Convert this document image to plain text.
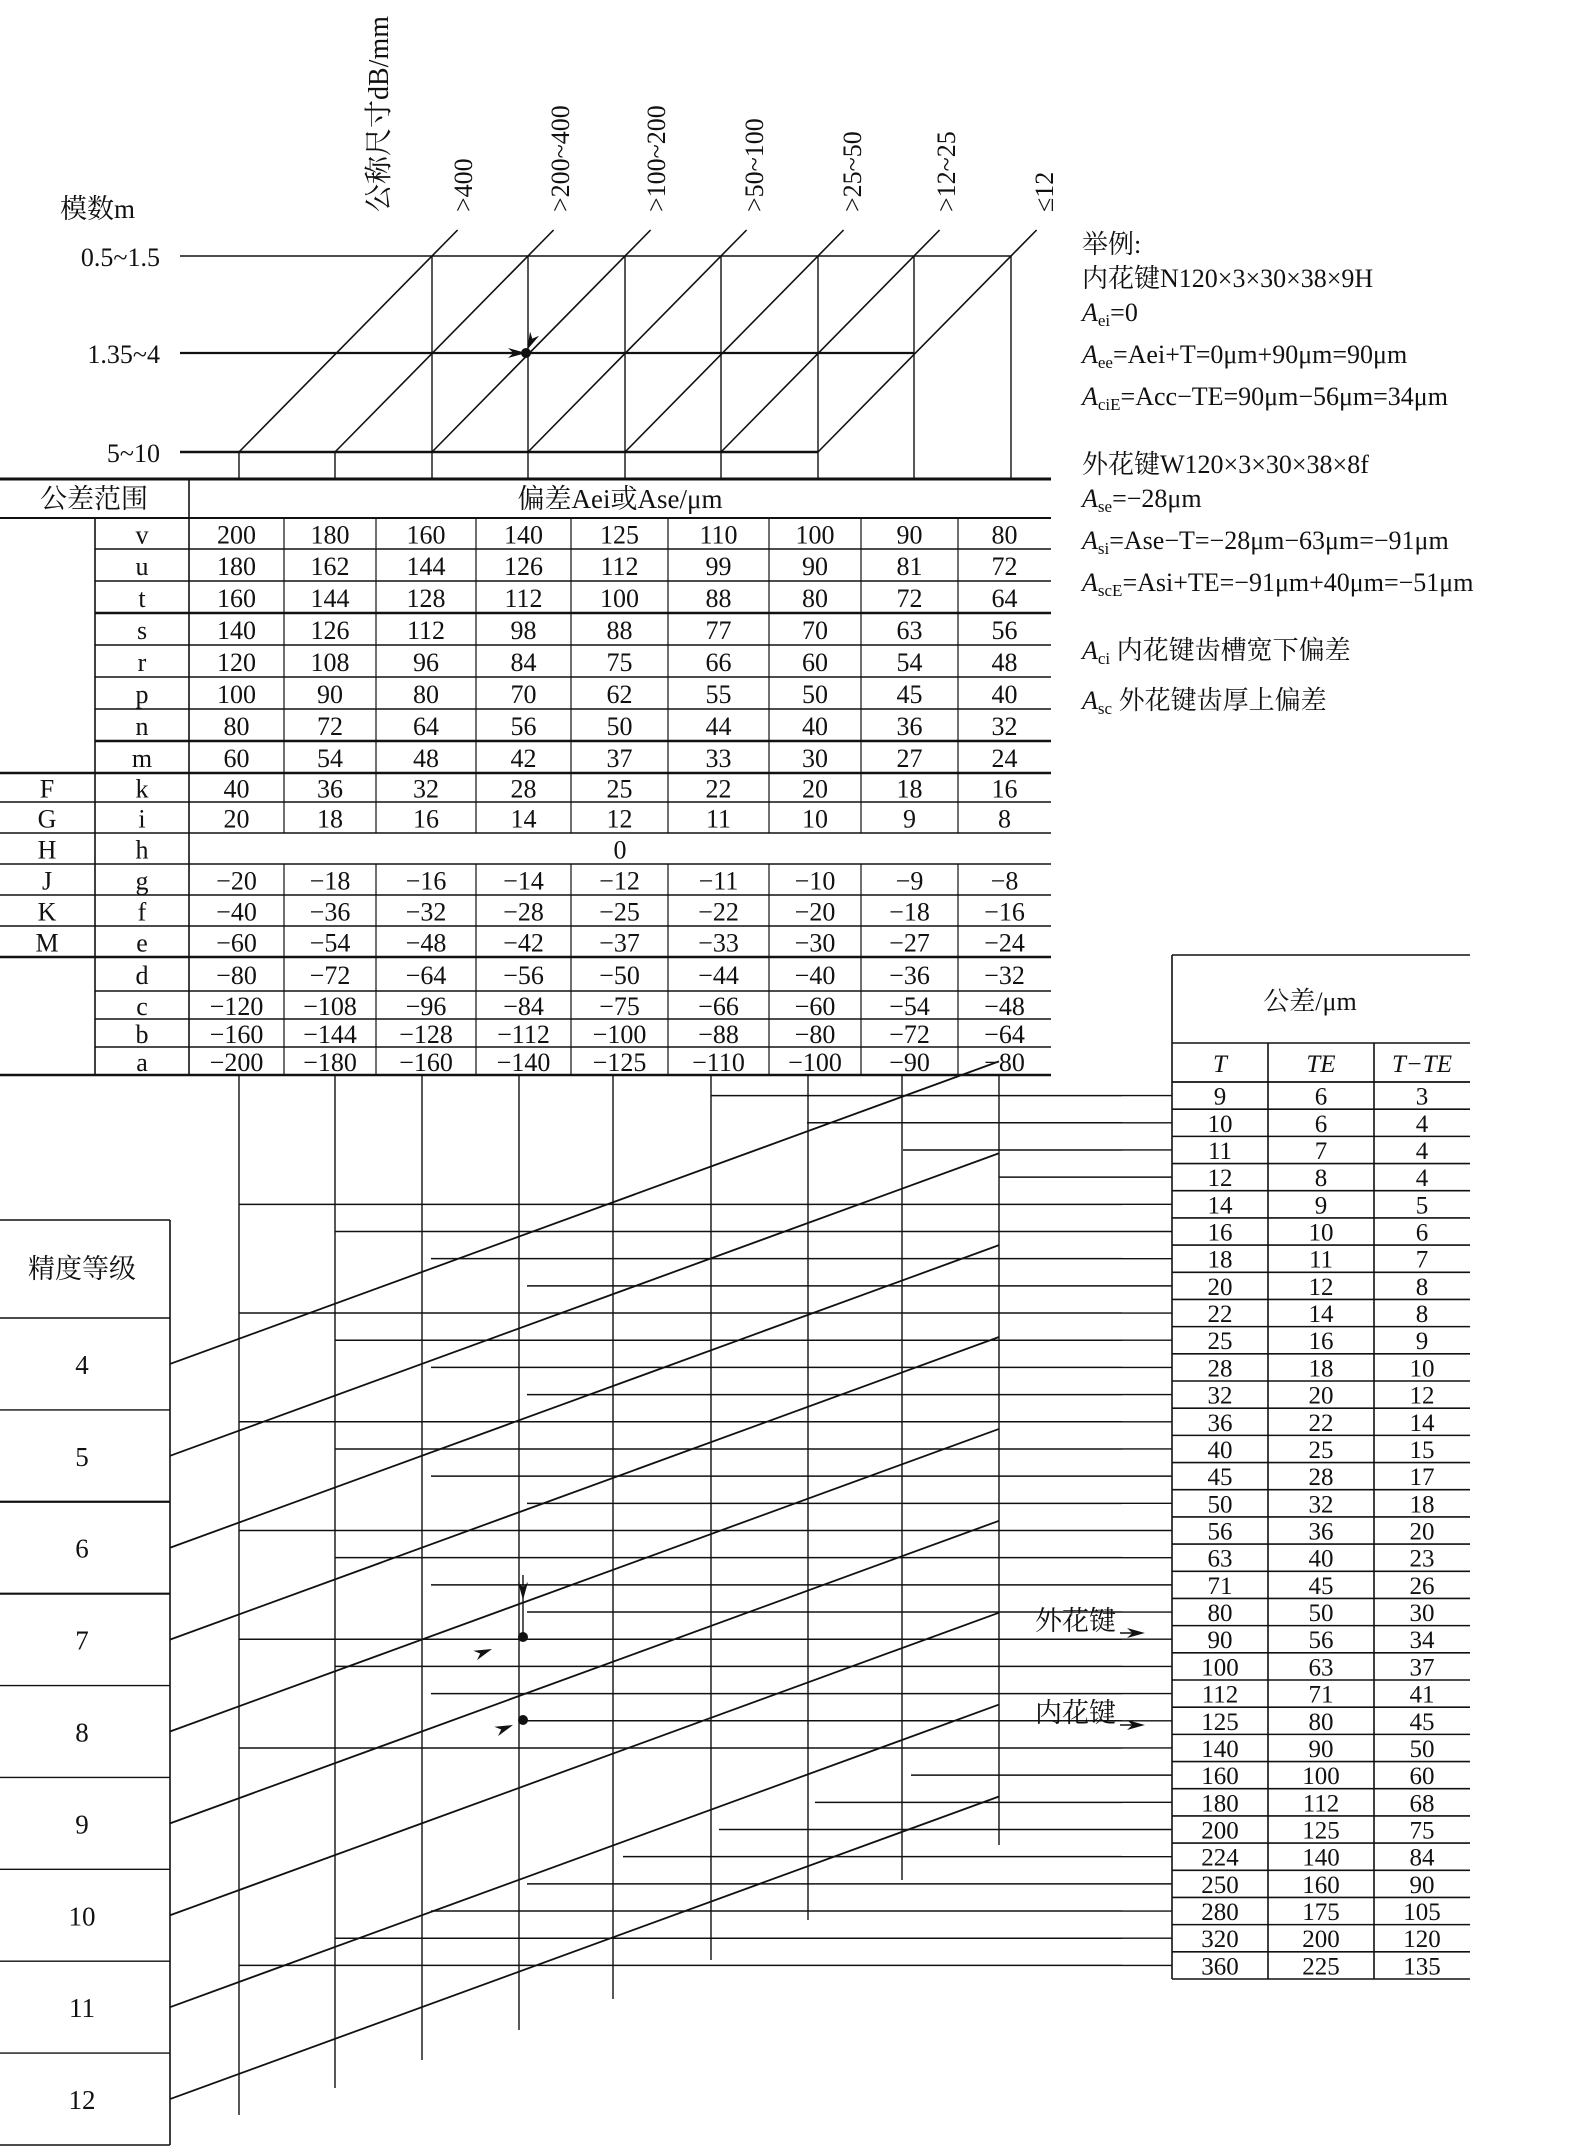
模数m
0.5~1.5
1.35~4
5~10
>400	>200~400	>100~200	>50~100	>25~50	>12~25	≤12
公称尺寸dB/mm
公差范围	偏差Aei或Ase/μm
v	200 180 160 140 125 110 100 90	80
u	180 162 144 126 112	99	90	81	72
t	160 144 128 112 100	88	80	72	64
s	140 126 112	98	88	77	70	63	56
r	120 108 96	84	75	66	60	54	48
p	100 90	80	70	62	55	50	45	40
n	80	72	64	56	50	44	40	36	32
m	60	54	48	42	37	33	30	27	24
F	k	40	36	32	28	25	22	20	18	16
G	i	20	18	16	14	12	11	10	9	8
H	h	0
J	g	−20 −18 −16 −14 −12 −11 −10 −9	−8
K	f	−40 −36 −32 −28 −25 −22 −20 −18 −16
M	e	−60 −54 −48 −42 −37 −33 −30 −27 −24
d	−80 −72 −64 −56 −50 −44 −40 −36 −32
c −120 −108 −96 −84 −75 −66 −60 −54 −48
b −160 −144 −128 −112 −100 −88 −80 −72 −64
a −200 −180 −160 −140 −125 −110 −100 −90 −80
公差/μm
T	TE T−TE
9	6	3
10	6	4
11	7	4
12	8	4
14	9	5
16	10	6
18	11	7
20	12	8
22	14	8
25	16	9
28	18	10
32	20	12
36	22	14
40	25	15
45	28	17
50	32	18
56	36	20
63	40	23
71	45	26
80	50	30
90	56	34
100	63	37
112	71	41
125	80	45
140	90	50
160	100	60
180	112	68
200	125	75
224	140	84
250	160	90
280	175	105
320	200	120
360	225	135
精度等级
4
5
6
7
8
9
10
11
12
外花键
内花键
举例:
内花键N120×3×30×38×9H
$A_{ei}=0$
$A_{ee}=Aei+T=0\mu m+90\mu m=90\mu m$
$A_{ciE}=Acc-TE=90\mu m-56\mu m=34\mu m$
外花键W120×3×30×38×8f
$A_{se}=-28\mu m$
$A_{si}=Ase-T=-28\mu m-63\mu m=-91\mu m$
$A_{scE}=Asi+TE=-91\mu m+40\mu m=-51\mu m$
$A_{ci}$ 内花键齿槽宽下偏差
$A_{sc}$ 外花键齿厚上偏差
